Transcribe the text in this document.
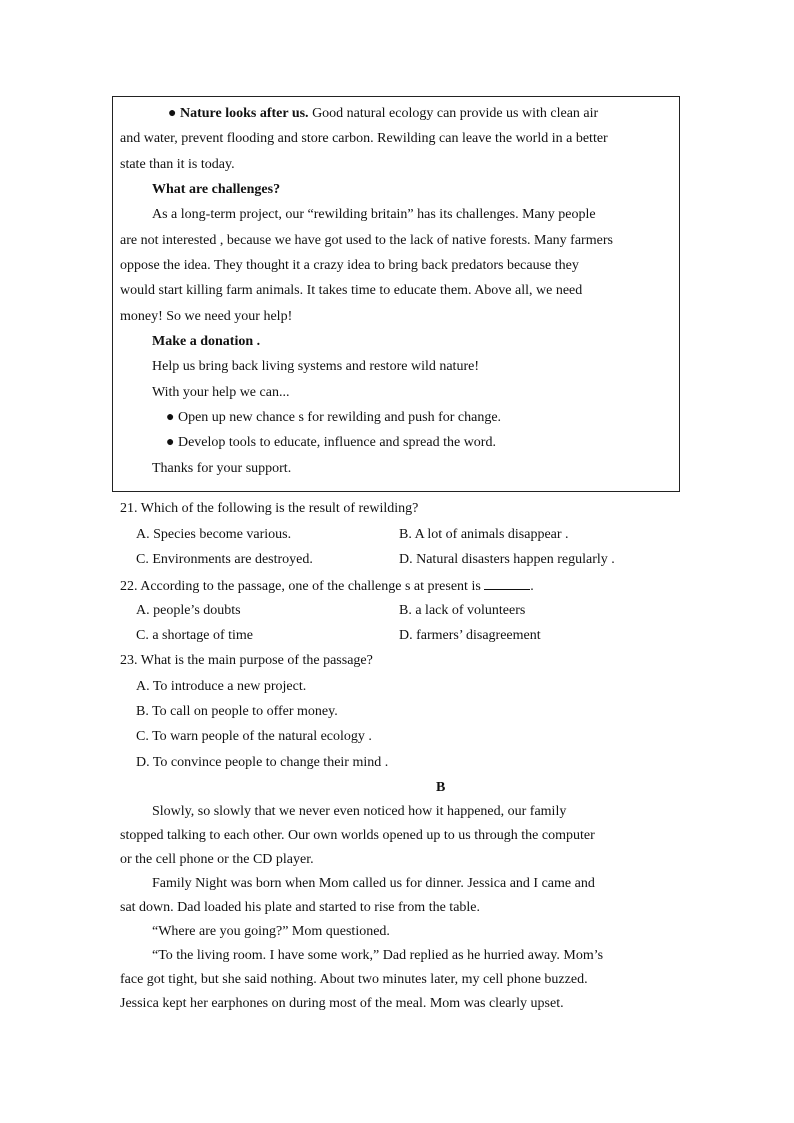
● Nature looks after us. Good natural ecology can provide us with clean air
and water, prevent flooding and store carbon. Rewilding can leave the world in a better
state than it is today.
What are challenges?
As a long-term project, our “rewilding britain” has its challenges. Many people
are not interested , because we have got used to the lack of native forests. Many farmers
oppose the idea. They thought it a crazy idea to bring back predators because they
would start killing farm animals. It takes time to educate them. Above all, we need
money! So we need your help!
Make a donation .
Help us bring back living systems and restore wild nature!
With your help we can...
● Open up new chance s for rewilding and push for change.
● Develop tools to educate, influence and spread the word.
Thanks for your support.
21. Which of the following is the result of rewilding?
A. Species become various.	B. A lot of animals disappear .
C. Environments are destroyed.	D. Natural disasters happen regularly .
22. According to the passage, one of the challenge s at present is	.
A. people’s doubts	B. a lack of volunteers
C. a shortage of time	D. farmers’ disagreement
23. What is the main purpose of the passage?
A. To introduce a new project.
B. To call on people to offer money.
C. To warn people of the natural ecology .
D. To convince people to change their mind .
B
Slowly, so slowly that we never even noticed how it happened, our family
stopped talking to each other. Our own worlds opened up to us through the computer
or the cell phone or the CD player.
Family Night was born when Mom called us for dinner. Jessica and I came and
sat down. Dad loaded his plate and started to rise from the table.
“Where are you going?” Mom questioned.
“To the living room. I have some work,” Dad replied as he hurried away. Mom’s
face got tight, but she said nothing. About two minutes later, my cell phone buzzed.
Jessica kept her earphones on during most of the meal. Mom was clearly upset.
